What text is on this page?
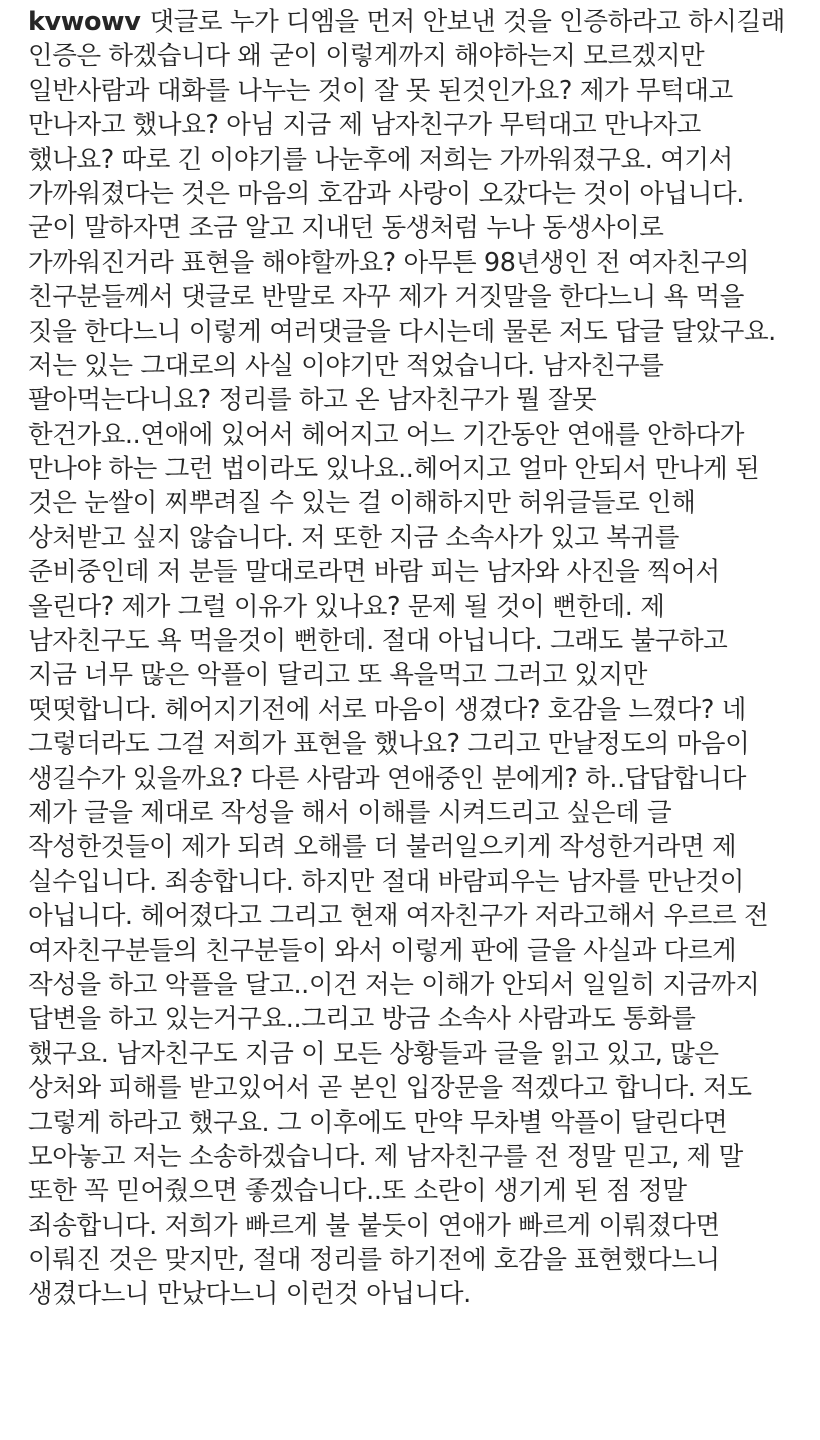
kvwowv 댓글로 누가 디엠을 먼저 안보낸 것을 인증하라고 하시길래
인증은 하겠습니다 왜 굳이 이렇게까지 해야하는지 모르겠지만
일반사람과 대화를 나누는 것이 잘 못 된것인가요? 제가 무턱대고
만나자고 했나요? 아님 지금 제 남자친구가 무턱대고 만나자고
했나요? 따로 긴 이야기를 나눈후에 저희는 가까워졌구요. 여기서
가까워졌다는 것은 마음의 호감과 사랑이 오갔다는 것이 아닙니다.
굳이 말하자면 조금 알고 지내던 동생처럼 누나 동생사이로
가까워진거라 표현을 해야할까요? 아무튼 98년생인 전 여자친구의
친구분들께서 댓글로 반말로 자꾸 제가 거짓말을 한다느니 욕 먹을
짓을 한다느니 이렇게 여러댓글을 다시는데 물론 저도 답글 달았구요.
저는 있는 그대로의 사실 이야기만 적었습니다. 남자친구를
팔아먹는다니요? 정리를 하고 온 남자친구가 뭘 잘못
한건가요..연애에 있어서 헤어지고 어느 기간동안 연애를 안하다가
만나야 하는 그런 법이라도 있나요..헤어지고 얼마 안되서 만나게 된
것은 눈쌀이 찌뿌려질 수 있는 걸 이해하지만 허위글들로 인해
상처받고 싶지 않습니다. 저 또한 지금 소속사가 있고 복귀를
준비중인데 저 분들 말대로라면 바람 피는 남자와 사진을 찍어서
올린다? 제가 그럴 이유가 있나요? 문제 될 것이 뻔한데. 제
남자친구도 욕 먹을것이 뻔한데. 절대 아닙니다. 그래도 불구하고
지금 너무 많은 악플이 달리고 또 욕을먹고 그러고 있지만
떳떳합니다. 헤어지기전에 서로 마음이 생겼다? 호감을 느꼈다? 네
그렇더라도 그걸 저희가 표현을 했나요? 그리고 만날정도의 마음이
생길수가 있을까요? 다른 사람과 연애중인 분에게? 하..답답합니다
제가 글을 제대로 작성을 해서 이해를 시켜드리고 싶은데 글
작성한것들이 제가 되려 오해를 더 불러일으키게 작성한거라면 제
실수입니다. 죄송합니다. 하지만 절대 바람피우는 남자를 만난것이
아닙니다. 헤어졌다고 그리고 현재 여자친구가 저라고해서 우르르 전
여자친구분들의 친구분들이 와서 이렇게 판에 글을 사실과 다르게
작성을 하고 악플을 달고..이건 저는 이해가 안되서 일일히 지금까지
답변을 하고 있는거구요..그리고 방금 소속사 사람과도 통화를
했구요. 남자친구도 지금 이 모든 상황들과 글을 읽고 있고, 많은
상처와 피해를 받고있어서 곧 본인 입장문을 적겠다고 합니다. 저도
그렇게 하라고 했구요. 그 이후에도 만약 무차별 악플이 달린다면
모아놓고 저는 소송하겠습니다. 제 남자친구를 전 정말 믿고, 제 말
또한 꼭 믿어줬으면 좋겠습니다..또 소란이 생기게 된 점 정말
죄송합니다. 저희가 빠르게 불 붙듯이 연애가 빠르게 이뤄졌다면
이뤄진 것은 맞지만, 절대 정리를 하기전에 호감을 표현했다느니
생겼다느니 만났다느니 이런것 아닙니다.
